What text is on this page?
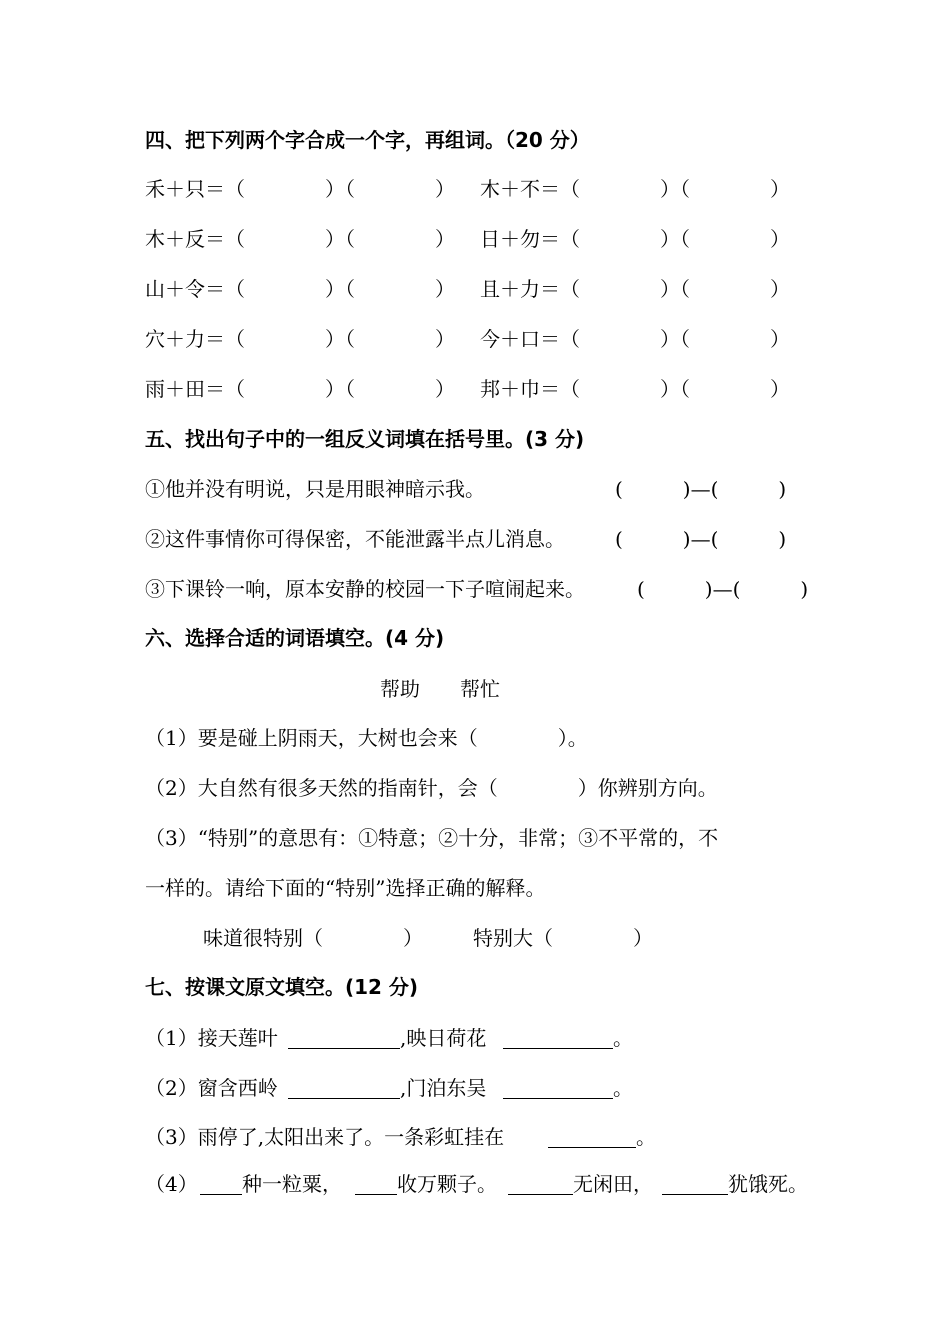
四、把下列两个字合成一个字，再组词。（20 分）
禾＋只＝（　　　　）（　　　　） 木＋不＝（　　　　）（　　　　）
木＋反＝（　　　　）（　　　　） 日＋勿＝（　　　　）（　　　　）
山＋令＝（　　　　）（　　　　） 且＋力＝（　　　　）（　　　　）
穴＋力＝（　　　　）（　　　　） 今＋口＝（　　　　）（　　　　）
雨＋田＝（　　　　）（　　　　） 邦＋巾＝（　　　　）（　　　　）
五、找出句子中的一组反义词填在括号里。(3 分)
①他并没有明说，只是用眼神暗示我。	(　　　)—(　　　)
②这件事情你可得保密，不能泄露半点儿消息。	(　　　)—(　　　)
③下课铃一响，原本安静的校园一下子喧闹起来。	(　　　)—(　　　)
六、选择合适的词语填空。(4 分)
帮助　　帮忙
（1）要是碰上阴雨天，大树也会来（　　　　）。
（2）大自然有很多天然的指南针，会（　　　　）你辨别方向。
（3）“特别”的意思有：①特意；②十分，非常；③不平常的，不
一样的。请给下面的“特别”选择正确的解释。
味道很特别（　　　　）　　　特别大（　　　　）
七、按课文原文填空。(12 分)
（1）接天莲叶	,映日荷花	。
（2）窗含西岭	,门泊东吴	。
（3）雨停了,太阳出来了。一条彩虹挂在	。
（4） 种一粒粟，	收万颗子。	无闲田，	犹饿死。
